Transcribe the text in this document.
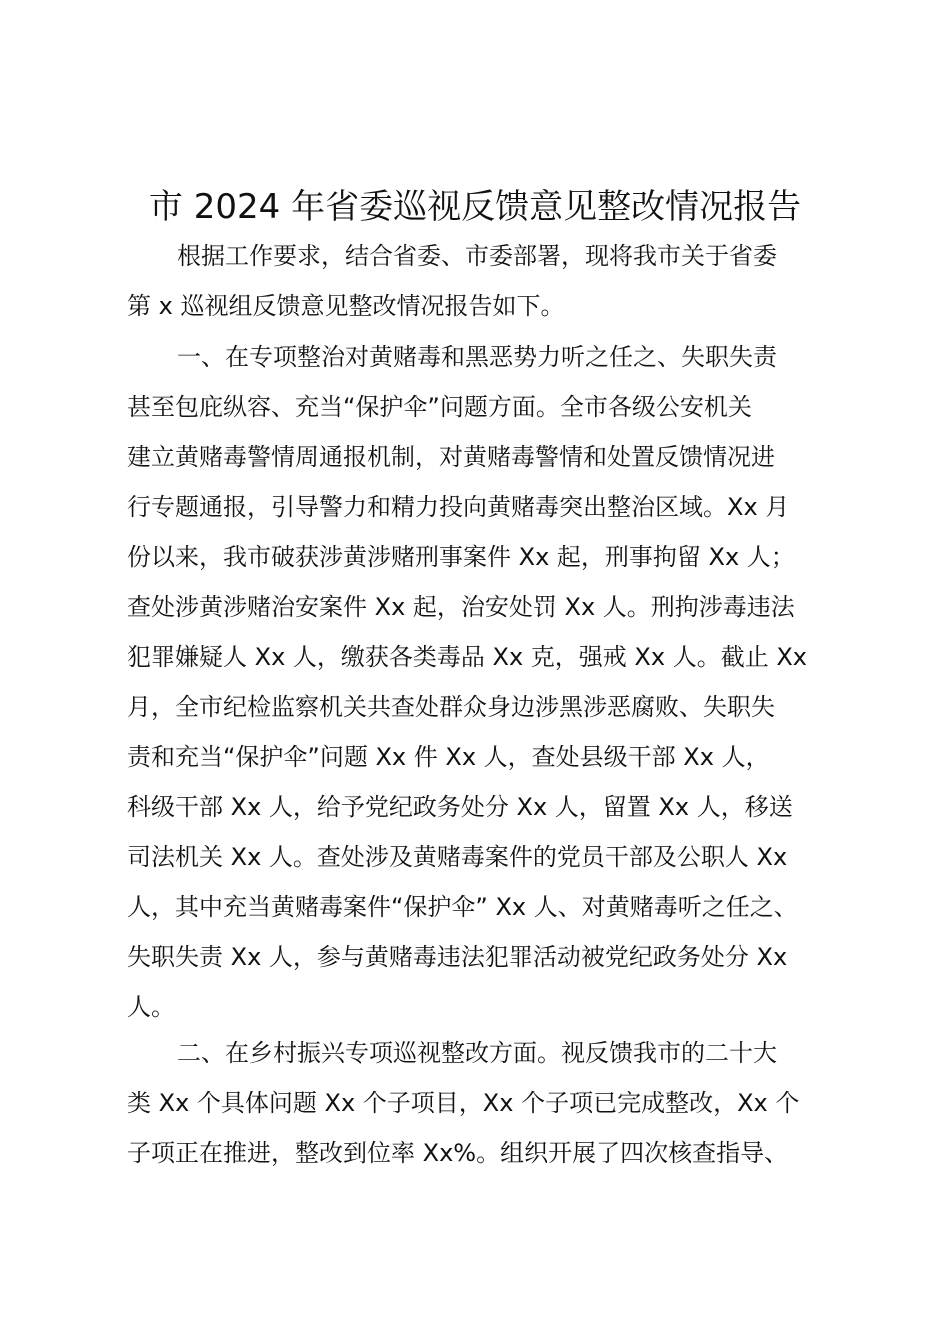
市 2024 年省委巡视反馈意见整改情况报告
根据工作要求，结合省委、市委部署，现将我市关于省委
第 x 巡视组反馈意见整改情况报告如下。
一、在专项整治对黄赌毒和黑恶势力听之任之、失职失责
甚至包庇纵容、充当“保护伞”问题方面。全市各级公安机关
建立黄赌毒警情周通报机制，对黄赌毒警情和处置反馈情况进
行专题通报，引导警力和精力投向黄赌毒突出整治区域。Xx 月
份以来，我市破获涉黄涉赌刑事案件 Xx 起，刑事拘留 Xx 人；
查处涉黄涉赌治安案件 Xx 起，治安处罚 Xx 人。刑拘涉毒违法
犯罪嫌疑人 Xx 人，缴获各类毒品 Xx 克，强戒 Xx 人。截止 Xx
月，全市纪检监察机关共查处群众身边涉黑涉恶腐败、失职失
责和充当“保护伞”问题 Xx 件 Xx 人，查处县级干部 Xx 人，
科级干部 Xx 人，给予党纪政务处分 Xx 人，留置 Xx 人，移送
司法机关 Xx 人。查处涉及黄赌毒案件的党员干部及公职人 Xx
人，其中充当黄赌毒案件“保护伞” Xx 人、对黄赌毒听之任之、
失职失责 Xx 人，参与黄赌毒违法犯罪活动被党纪政务处分 Xx
人。
二、在乡村振兴专项巡视整改方面。视反馈我市的二十大
类 Xx 个具体问题 Xx 个子项目，Xx 个子项已完成整改，Xx 个
子项正在推进，整改到位率 Xx%。组织开展了四次核查指导、
